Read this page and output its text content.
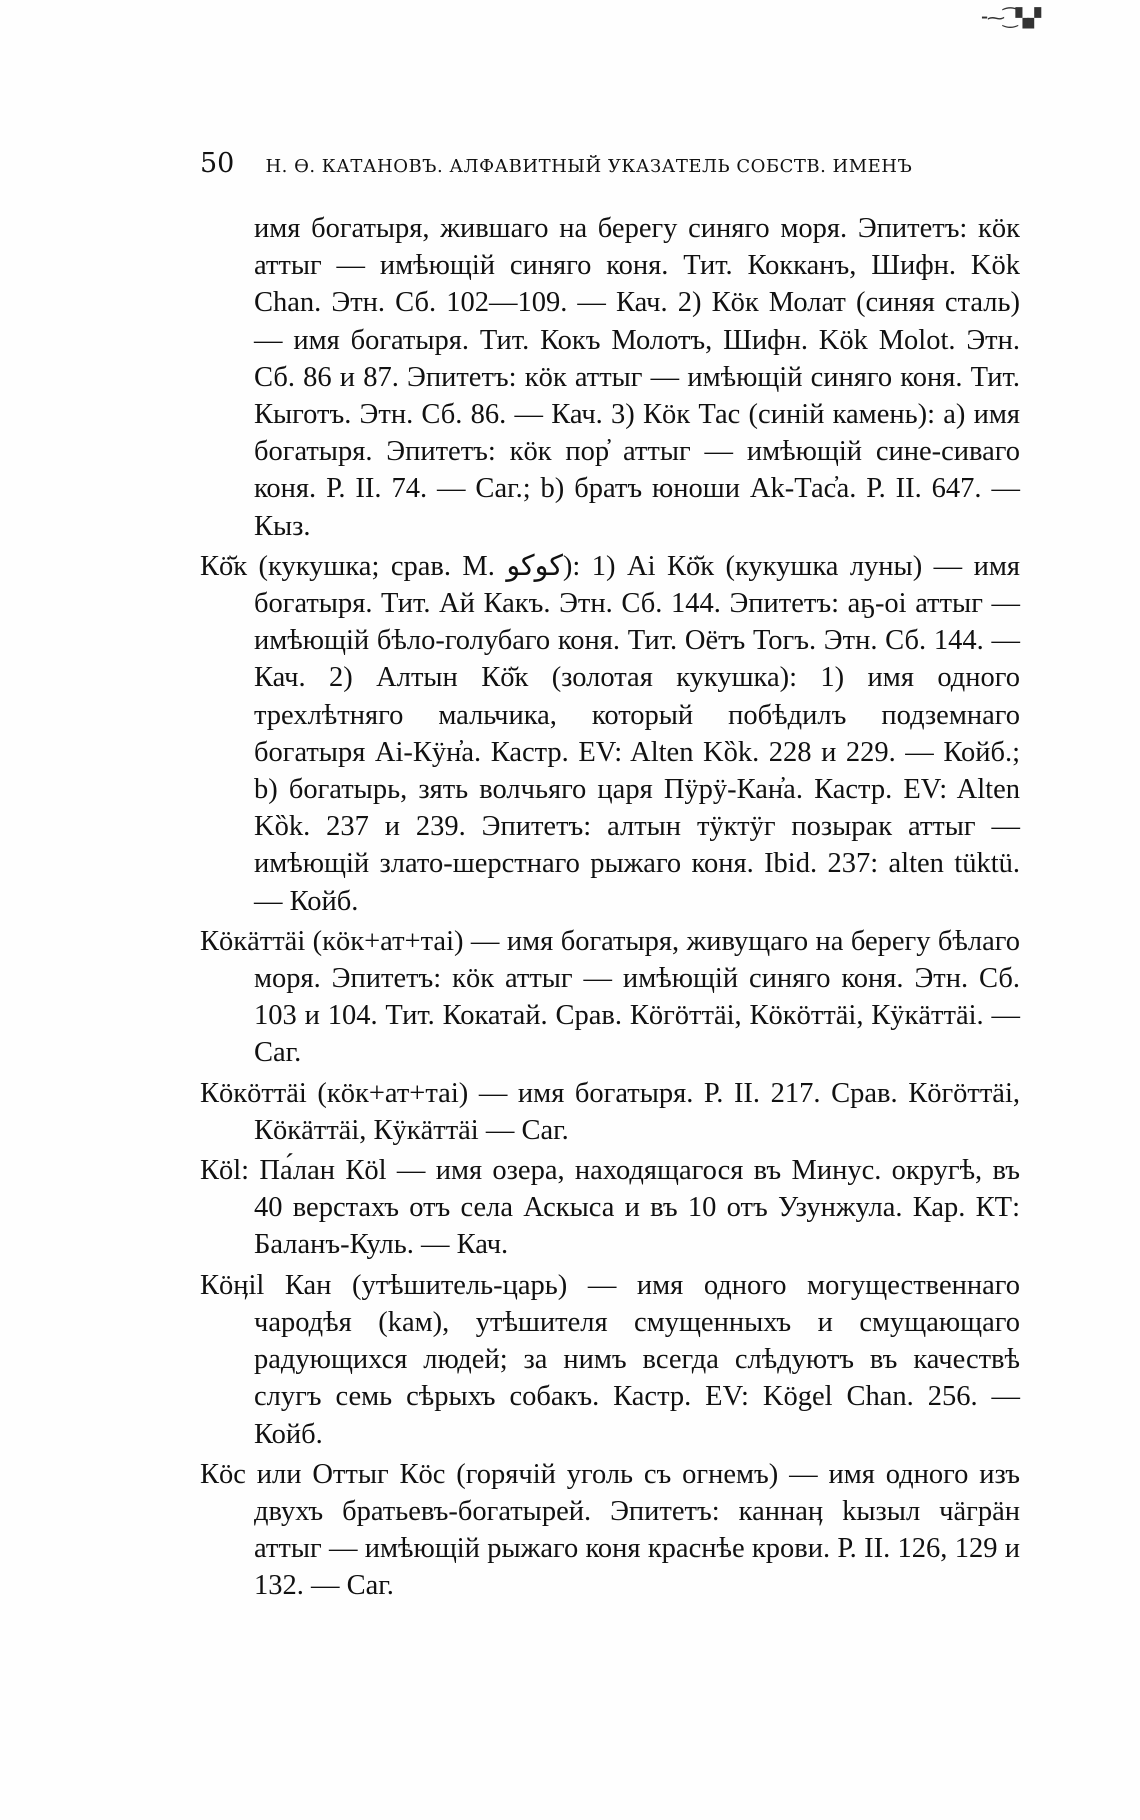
⁃⁓⁐▚▞
50 Н. Ѳ. КАТАНОВЪ. АЛФАВИТНЫЙ УКАЗАТЕЛЬ СОБСТВ. ИМЕНЪ

имя богатыря, жившаго на берегу синяго моря. Эпитетъ: кӧк аттыг — имѣющій синяго коня. Тит. Кокканъ, Шифн. Kök Chan. Этн. Сб. 102—109. — Кач. 2) Кӧк Молат (синяя сталь) — имя богатыря. Тит. Кокъ Молотъ, Шифн. Kök Molot. Этн. Сб. 86 и 87. Эпитетъ: кӧк аттыг — имѣющій синяго коня. Тит. Кыготъ. Этн. Сб. 86. — Кач. 3) Кӧк Тас (синій камень): a) имя богатыря. Эпитетъ: кӧк пор̓ аттыг — имѣющій сине-сиваго коня. Р. II. 74. — Саг.; b) братъ юноши Аk-Тас̓а. Р. II. 647. — Кыз.

Кӧ̆к (кукушка; срав. М. کوكو): 1) Ai Кӧ̆к (кукушка луны) — имя богатыря. Тит. Ай Какъ. Этн. Сб. 144. Эпитетъ: аҕ-оі аттыг — имѣющій бѣло-голубаго коня. Тит. Оётъ Тогъ. Этн. Сб. 144. — Кач. 2) Алтын Кӧ̆к (золотая кукушка): 1) имя одного трехлѣтняго мальчика, который побѣдилъ подземнаго богатыря Аі-Кӱн̓а. Кастр. EV: Alten Kȍk. 228 и 229. — Койб.; b) богатырь, зять волчьяго царя Пӱрӱ-Кан̓а. Кастр. EV: Alten Kȍk. 237 и 239. Эпитетъ: алтын тӱктӱг позырак аттыг — имѣющій злато-шерстнаго рыжаго коня. Ibid. 237: alten tüktü. — Койб.

Кӧкäттäі (кӧк+ат+таі) — имя богатыря, живущаго на берегу бѣлаго моря. Эпитетъ: кӧк аттыг — имѣющій синяго коня. Этн. Сб. 103 и 104. Тит. Кокатай. Срав. Кӧгӧттäі, Кӧкӧттäі, Кӱкäттäі. — Саг.

Кӧкӧттäі (кӧк+ат+таі) — имя богатыря. Р. II. 217. Срав. Кӧгӧттäі, Кӧкäттäі, Кӱкäттäі — Саг.

Кӧl: Па́лан Кӧl — имя озера, находящагося въ Минус. округѣ, въ 40 верстахъ отъ села Аскыса и въ 10 отъ Узунжула. Кар. КТ: Баланъ-Куль. — Кач.

Кӧӊіl Кан (утѣшитель-царь) — имя одного могущественнаго чародѣя (kам), утѣшителя смущенныхъ и смущающаго радующихся людей; за нимъ всегда слѣдуютъ въ качествѣ слугъ семь сѣрыхъ собакъ. Кастр. EV: Kögel Chan. 256. — Койб.

Кӧс или Оттыг Кӧс (горячій уголь съ огнемъ) — имя одного изъ двухъ братьевъ-богатырей. Эпитетъ: каннаӊ kызыл чäгрäн аттыг — имѣющій рыжаго коня краснѣе крови. Р. II. 126, 129 и 132. — Саг.
